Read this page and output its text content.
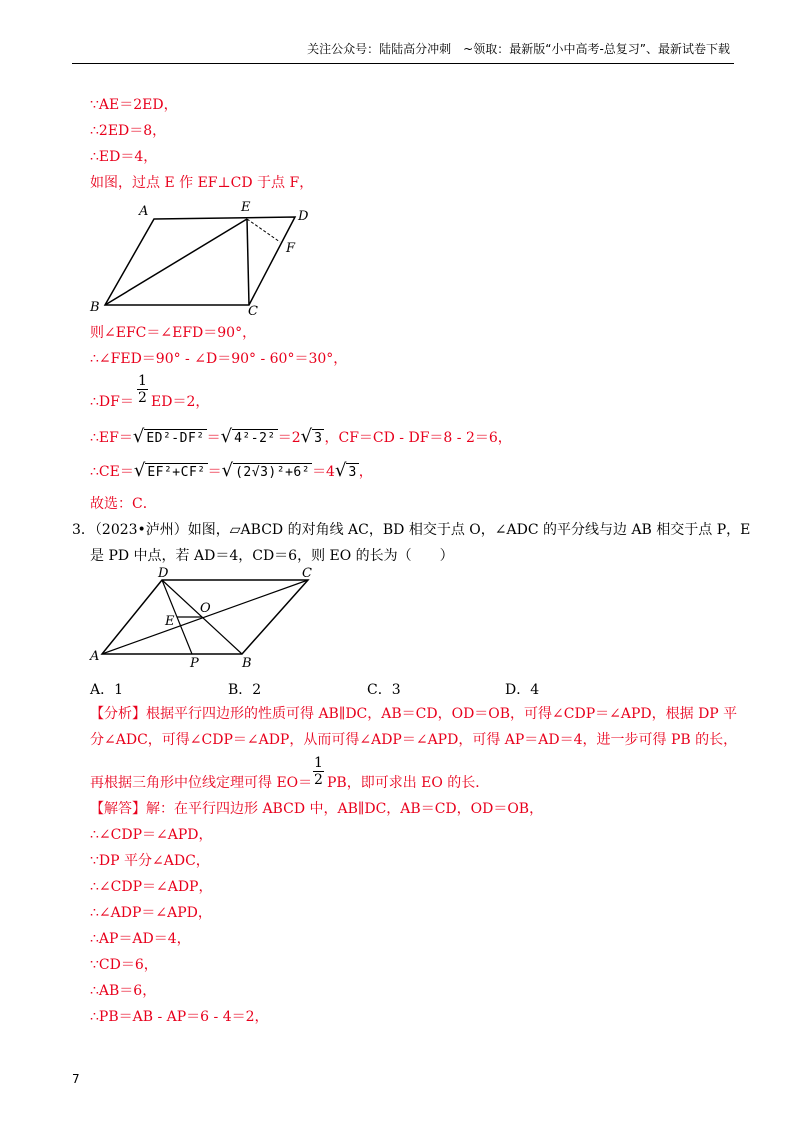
关注公众号：陆陆高分冲刺　~领取：最新版“小中高考-总复习”、最新试卷下载
∵AE＝2ED，
∴2ED＝8，
∴ED＝4，
如图，过点 E 作 EF⊥CD 于点 F，
A	E
D
F
B	C
则∠EFC＝∠EFD＝90°，
∴∠FED＝90° - ∠D＝90° - 60°＝30°，
1
2
∴DF＝ ED＝2，
∴EF＝√ ED²-DF² ＝√ 4²-2² ＝2√ 3 ，CF＝CD - DF＝8 - 2＝6，
∴CE＝√ EF²+CF² ＝√ (2√3)²+6² ＝4√ 3 ，
故选：C．
3．（2023•泸州）如图，▱ABCD 的对角线 AC，BD 相交于点 O，∠ADC 的平分线与边 AB 相交于点 P，E
是 PD 中点，若 AD＝4，CD＝6，则 EO 的长为（　　）
D	C
O
E
A	P	B
A．1	B．2	C．3	D．4
【分析】根据平行四边形的性质可得 AB∥DC，AB＝CD，OD＝OB，可得∠CDP＝∠APD，根据 DP 平
分∠ADC，可得∠CDP＝∠ADP，从而可得∠ADP＝∠APD，可得 AP＝AD＝4，进一步可得 PB 的长，
1
2
再根据三角形中位线定理可得 EO＝ PB，即可求出 EO 的长．
【解答】解：在平行四边形 ABCD 中，AB∥DC，AB＝CD，OD＝OB，
∴∠CDP＝∠APD，
∵DP 平分∠ADC，
∴∠CDP＝∠ADP，
∴∠ADP＝∠APD，
∴AP＝AD＝4，
∵CD＝6，
∴AB＝6，
∴PB＝AB - AP＝6 - 4＝2，
7
